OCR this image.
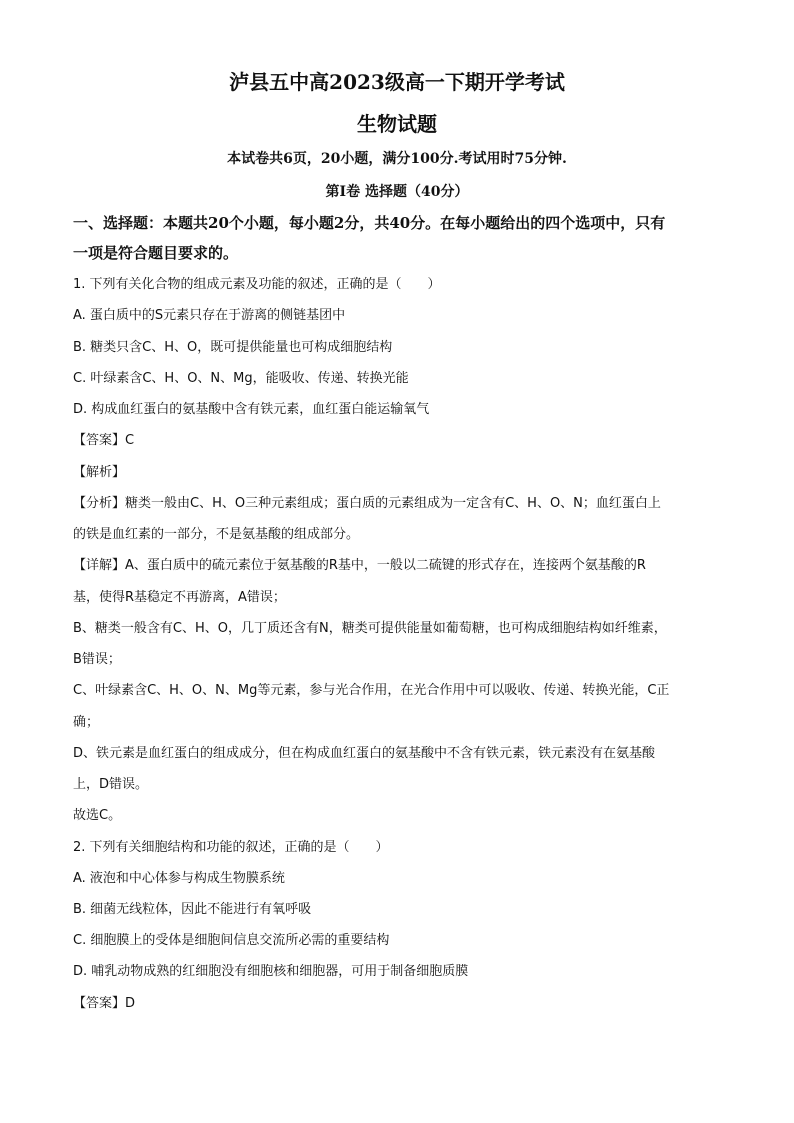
泸县五中高2023级高一下期开学考试
生物试题
本试卷共6页，20小题，满分100分.考试用时75分钟.
第I卷 选择题（40分）
一、选择题：本题共20个小题，每小题2分，共40分。在每小题给出的四个选项中，只有
一项是符合题目要求的。
1. 下列有关化合物的组成元素及功能的叙述，正确的是（　　）
A. 蛋白质中的S元素只存在于游离的侧链基团中
B. 糖类只含C、H、O，既可提供能量也可构成细胞结构
C. 叶绿素含C、H、O、N、Mg，能吸收、传递、转换光能
D. 构成血红蛋白的氨基酸中含有铁元素，血红蛋白能运输氧气
【答案】C
【解析】
【分析】糖类一般由C、H、O三种元素组成；蛋白质的元素组成为一定含有C、H、O、N；血红蛋白上
的铁是血红素的一部分，不是氨基酸的组成部分。
【详解】A、蛋白质中的硫元素位于氨基酸的R基中，一般以二硫键的形式存在，连接两个氨基酸的R
基，使得R基稳定不再游离，A错误；
B、糖类一般含有C、H、O，几丁质还含有N，糖类可提供能量如葡萄糖，也可构成细胞结构如纤维素，
B错误；
C、叶绿素含C、H、O、N、Mg等元素，参与光合作用，在光合作用中可以吸收、传递、转换光能，C正
确；
D、铁元素是血红蛋白的组成成分，但在构成血红蛋白的氨基酸中不含有铁元素，铁元素没有在氨基酸
上，D错误。
故选C。
2. 下列有关细胞结构和功能的叙述，正确的是（　　）
A. 液泡和中心体参与构成生物膜系统
B. 细菌无线粒体，因此不能进行有氧呼吸
C. 细胞膜上的受体是细胞间信息交流所必需的重要结构
D. 哺乳动物成熟的红细胞没有细胞核和细胞器，可用于制备细胞质膜
【答案】D
